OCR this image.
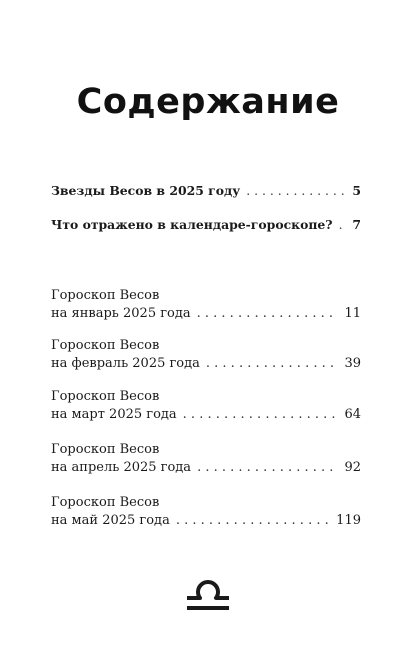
Содержание
Звезды Весов в 2025 году . . .	5
Что отражено в календаре-гороскопе? . . . 7
Гороскоп Весов
на январь 2025 года . . .	11
Гороскоп Весов
на февраль 2025 года . . .	39
Гороскоп Весов
на март 2025 года . . .	64
Гороскоп Весов
на апрель 2025 года . . .	92
Гороскоп Весов
на май 2025 года . . .	119
